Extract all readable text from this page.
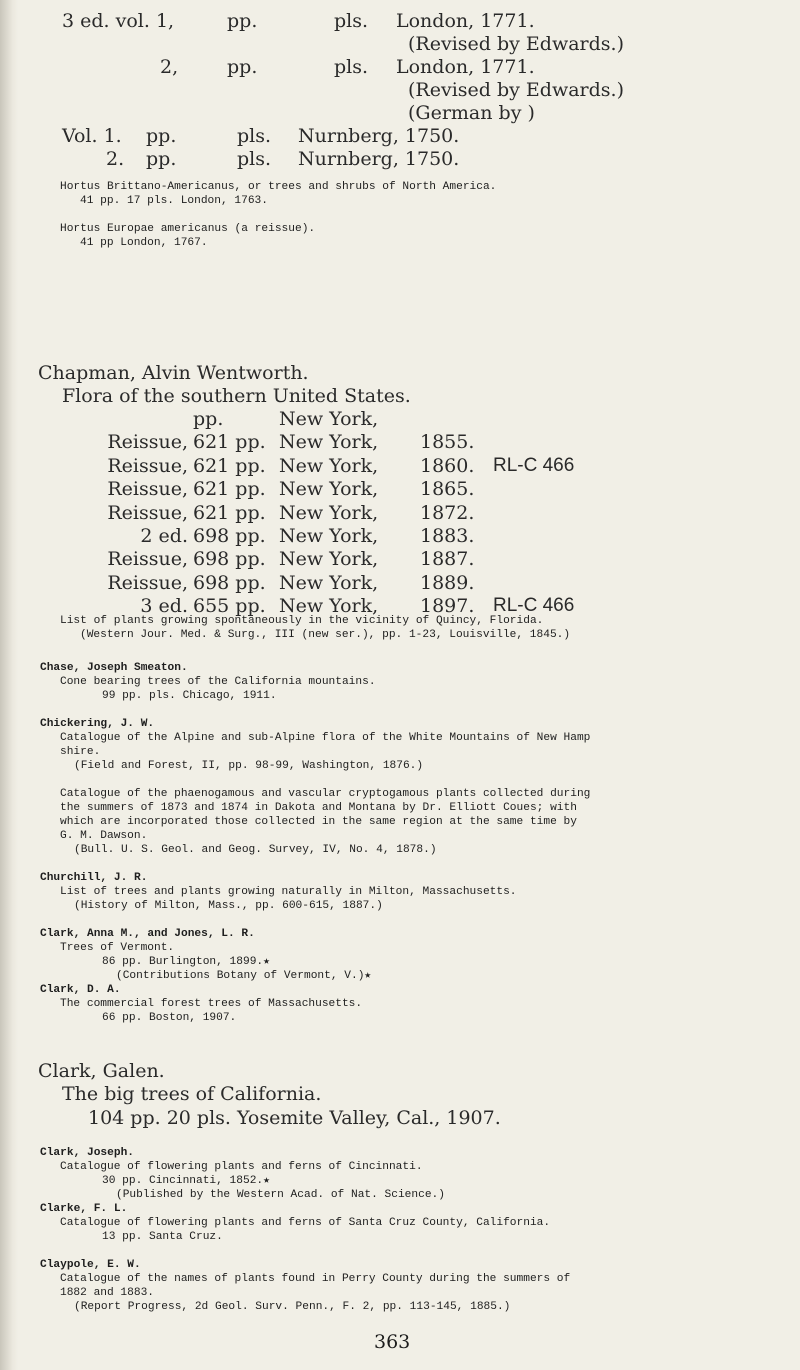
3 ed. vol. 1,	pp.	pls. London, 1771.
(Revised by Edwards.)
2,	pp.	pls. London, 1771.
(Revised by Edwards.)
(German by )
Vol. 1. pp.	pls. Nurnberg, 1750.
2. pp.	pls. Nurnberg, 1750.
Hortus Brittano-Americanus, or trees and shrubs of North America.
41 pp. 17 pls. London, 1763.
Hortus Europae americanus (a reissue).
41 pp London, 1767.
Chapman, Alvin Wentworth.
Flora of the southern United States.
pp.	New York,
Reissue, 621 pp. New York, 1855.
Reissue, 621 pp. New York, 1860. RL-C 466
Reissue, 621 pp. New York, 1865.
Reissue, 621 pp. New York, 1872.
2 ed. 698 pp. New York, 1883.
Reissue, 698 pp. New York, 1887.
Reissue, 698 pp. New York, 1889.
3 ed. 655 pp. New York, 1897. RL-C 466
List of plants growing spontaneously in the vicinity of Quincy, Florida.
(Western Jour. Med. & Surg., III (new ser.), pp. 1-23, Louisville, 1845.)
Chase, Joseph Smeaton.
Cone bearing trees of the California mountains.
99 pp. pls. Chicago, 1911.
Chickering, J. W.
Catalogue of the Alpine and sub-Alpine flora of the White Mountains of New Hamp
shire.
(Field and Forest, II, pp. 98-99, Washington, 1876.)
Catalogue of the phaenogamous and vascular cryptogamous plants collected during
the summers of 1873 and 1874 in Dakota and Montana by Dr. Elliott Coues; with
which are incorporated those collected in the same region at the same time by
G. M. Dawson.
(Bull. U. S. Geol. and Geog. Survey, IV, No. 4, 1878.)
Churchill, J. R.
List of trees and plants growing naturally in Milton, Massachusetts.
(History of Milton, Mass., pp. 600-615, 1887.)
Clark, Anna M., and Jones, L. R.
Trees of Vermont.
86 pp. Burlington, 1899.★
(Contributions Botany of Vermont, V.)★
Clark, D. A.
The commercial forest trees of Massachusetts.
66 pp. Boston, 1907.
Clark, Galen.
The big trees of California.
104 pp. 20 pls. Yosemite Valley, Cal., 1907.
Clark, Joseph.
Catalogue of flowering plants and ferns of Cincinnati.
30 pp. Cincinnati, 1852.★
(Published by the Western Acad. of Nat. Science.)
Clarke, F. L.
Catalogue of flowering plants and ferns of Santa Cruz County, California.
13 pp. Santa Cruz.
Claypole, E. W.
Catalogue of the names of plants found in Perry County during the summers of
1882 and 1883.
(Report Progress, 2d Geol. Surv. Penn., F. 2, pp. 113-145, 1885.)
363
